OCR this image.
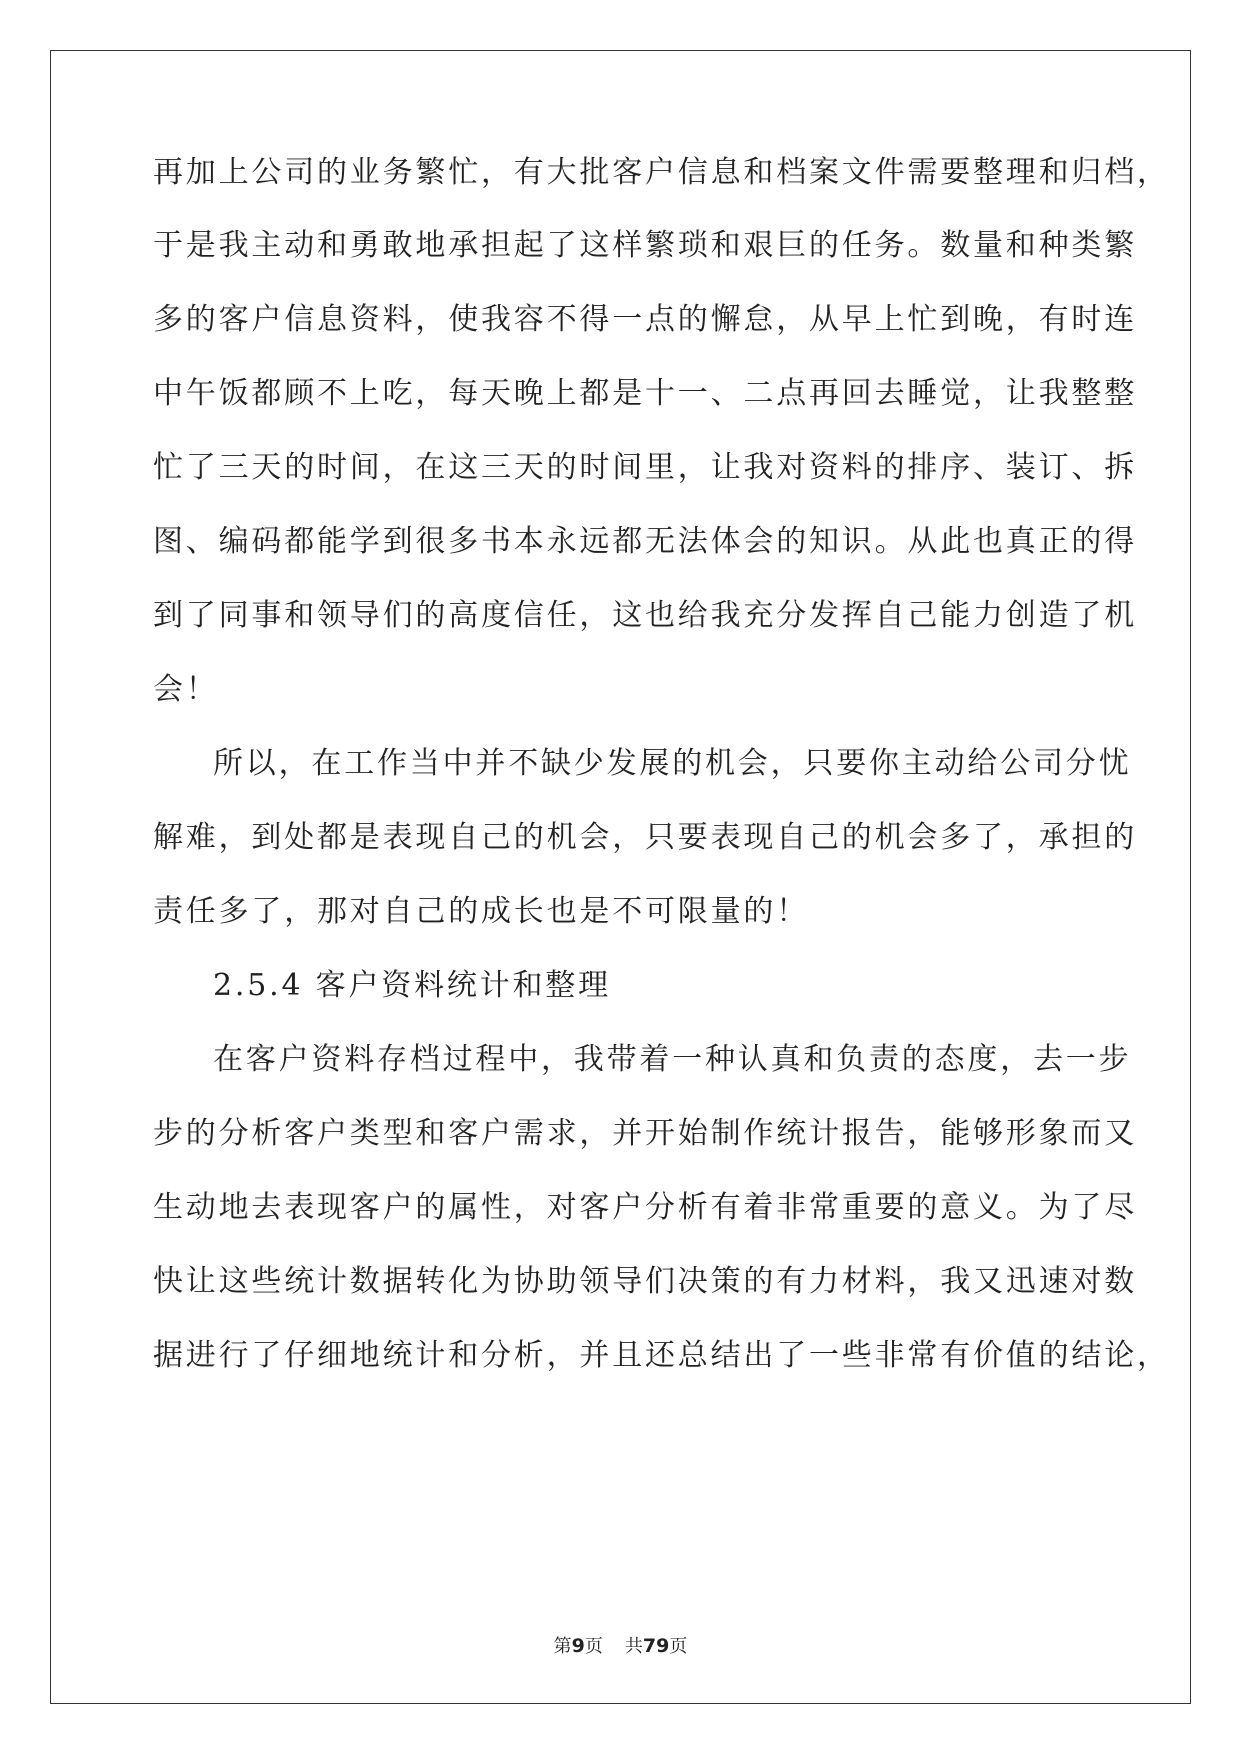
再加上公司的业务繁忙，有大批客户信息和档案文件需要整理和归档，
于是我主动和勇敢地承担起了这样繁琐和艰巨的任务。数量和种类繁
多的客户信息资料，使我容不得一点的懈怠，从早上忙到晚，有时连
中午饭都顾不上吃，每天晚上都是十一、二点再回去睡觉，让我整整
忙了三天的时间，在这三天的时间里，让我对资料的排序、装订、拆
图、编码都能学到很多书本永远都无法体会的知识。从此也真正的得
到了同事和领导们的高度信任，这也给我充分发挥自己能力创造了机
会！
所以，在工作当中并不缺少发展的机会，只要你主动给公司分忧
解难，到处都是表现自己的机会，只要表现自己的机会多了，承担的
责任多了，那对自己的成长也是不可限量的！
2.5.4 客户资料统计和整理
在客户资料存档过程中，我带着一种认真和负责的态度，去一步
步的分析客户类型和客户需求，并开始制作统计报告，能够形象而又
生动地去表现客户的属性，对客户分析有着非常重要的意义。为了尽
快让这些统计数据转化为协助领导们决策的有力材料，我又迅速对数
据进行了仔细地统计和分析，并且还总结出了一些非常有价值的结论，
第9页 共79页
